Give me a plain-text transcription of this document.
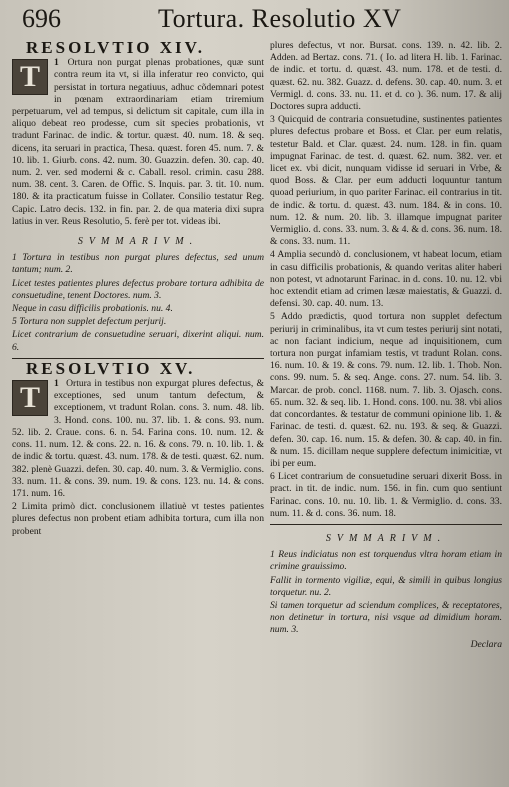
696	Tortura. Resolutio XV
RESOLVTIO XIV.
1
T	Ortura non purgat plenas probationes, quæ sunt contra reum ita vt, si illa inferatur reo convicto, qui persistat in tortura negatiuus, adhuc cõdemnari potest in pœnam extraordinariam etiam triremium perpetuarum, vel ad tempus, si delictum sit capitale, cum illa in aliquo debeat reo prodesse, cum sit species probationis, vt tradunt Farinac. de indic. & tortur. quæst. 40. num. 18. & seq. dicens, ita seruari in practica, Thesa. quæst. foren 45. num. 7. & 10. lib. 1. Giurb. cons. 42. num. 30. Guazzin. defen. 30. cap. 40. num. 2. ver. sed moderni & c. Caball. resol. crimin. casu 288. num. 38. cent. 3. Caren. de Offic. S. Inquis. par. 3. tit. 10. num. 180. & ita practicatum fuisse in Collater. Consilio testatur Reg. Capic. Latro decis. 132. in fin. par. 2. de qua materia dixi supra latius in ver. Reus Resolutio, 5. ferè per tot. videas ibi.
SVMMARIVM.
1 Tortura in testibus non purgat plures defectus, sed unum tantum; num. 2.
Licet testes patientes plures defectus probare tortura adhibita de consuetudine, tenent Doctores. num. 3.
Neque in casu difficilis probationis. nu. 4.
5 Tortura non supplet defectum perjurij.
Licet contrarium de consuetudine seruari, dixerint aliqui. num. 6.
RESOLVTIO XV.
1
T	Ortura in testibus non expurgat plures defectus, & exceptiones, sed unum tantum defectum, & exceptionem, vt tradunt Rolan. cons. 3. num. 48. lib. 3. Hond. cons. 100. nu. 37. lib. 1. & cons. 93. num. 52. lib. 2. Craue. cons. 6. n. 54. Farina cons. 10. num. 12. & cons. 11. num. 12. & cons. 22. n. 16. & cons. 79. n. 10. lib. 1. & de indic & tortu. quæst. 43. num. 178. & de testi. quæst. 62. num. 382. plenè Guazzi. defen. 30. cap. 40. num. 3. & Vermiglio. cons. 33. num. 11. & cons. 39. num. 19. & cons. 123. nu. 14. & cons. 171. num. 16.
2 Limita primò dict. conclusionem illatiuè vt testes patientes plures defectus non probent etiam adhibita tortura, cum illa non probent
plures defectus, vt nor. Bursat. cons. 139. n. 42. lib. 2. Adden. ad Bertaz. cons. 71. ( Io. ad litera H. lib. 1. Farinac. de indic. et tortu. d. quæst. 43. num. 178. et de testi. d. quæst. 62. nu. 382. Guazz. d. defens. 30. cap. 40. num. 3. et Vermigl. d. cons. 33. nu. 11. et d. co ). 36. num. 17. & alij Doctores supra adducti.
3 Quicquid de contraria consuetudine, sustinentes patientes plures defectus probare et Boss. et Clar. per eum relatis, testetur Bald. et Clar. quæst. 24. num. 128. in fin. quam impugnat Farinac. de test. d. quæst. 62. num. 382. ver. et licet ex. vbi dicit, nunquam vidisse id seruari in Vrbe, & quod Boss. & Clar. per eum adducti loquuntur tantum quoad periurium, in quo pariter Farinac. eil contrarius in tit. de indic. & tortu. d. quæst. 43. num. 184. & in cons. 10. num. 12. & num. 20. lib. 3. illamque impugnat pariter Vermiglio. d. cons. 33. num. 3. & 4. & d. cons. 36. num. 18. & cons. 33. num. 11.
4 Amplia secundò d. conclusionem, vt habeat locum, etiam in casu difficilis probationis, & quando veritas aliter haberi non potest, vt adnotarunt Farinac. in d. cons. 10. nu. 12. vbi hoc extendit etiam ad crimen læsæ maiestatis, & Guazzi. d. defensi. 30. cap. 40. num. 13.
5 Addo prædictis, quod tortura non supplet defectum periurij in criminalibus, ita vt cum testes periurij sint notati, ac non faciant indicium, neque ad inquisitionem, cum tortura non purgat infamiam testis, vt tradunt Rolan. cons. 16. num. 10. & 19. & cons. 79. num. 12. lib. 1. Thob. Non. cons. 99. num. 5. & seq. Ange. cons. 27. num. 54. lib. 3. Marcar. de prob. concl. 1168. num. 7. lib. 3. Ojasch. cons. 65. num. 32. & seq. lib. 1. Hond. cons. 100. nu. 38. vbi alios dat concordantes. & testatur de communi opinione lib. 1. & Farinac. de testi. d. quæst. 62. nu. 193. & seq. & Guazzi. defen. 30. cap. 16. num. 15. & defen. 30. & cap. 40. in fin. & num. 15. dicillam neque supplere defectum inimicitiæ, vt ibi per eum.
6 Licet contrarium de consuetudine seruari dixerit Boss. in pract. in tit. de indic. num. 156. in fin. cum quo sentiunt Farinac. cons. 10. nu. 10. lib. 1. & Vermiglio. d. cons. 33. num. 11. & d. cons. 36. num. 18.
SVMMARIVM.
1 Reus indiciatus non est torquendus vltra horam etiam in crimine grauissimo.
Fallit in tormento vigiliæ, equi, & simili in quibus longius torquetur. nu. 2.
Si tamen torquetur ad sciendum complices, & receptatores, non detinetur in tortura, nisi vsque ad dimidium horam. num. 3.
Declara
